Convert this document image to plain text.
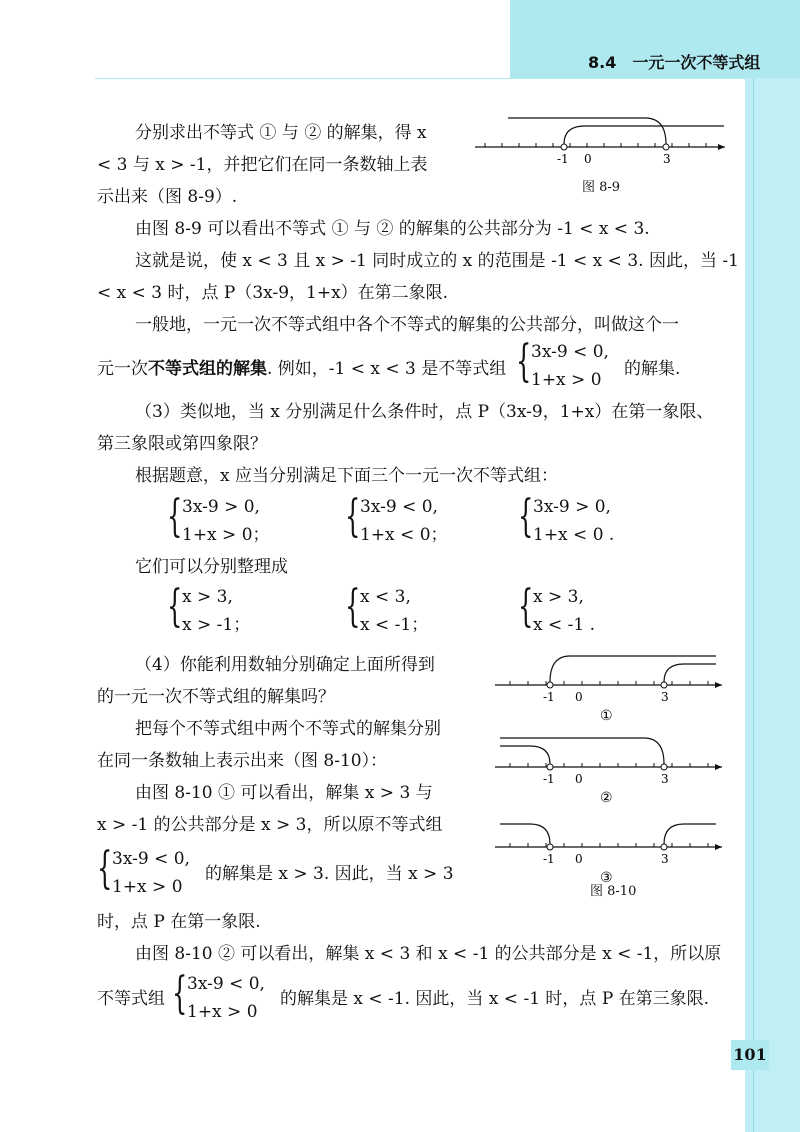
8.4　一元一次不等式组
101
分别求出不等式 ① 与 ② 的解集，得 x
< 3 与 x > -1，并把它们在同一条数轴上表
示出来（图 8-9）.
-1 0	3
图 8-9
由图 8-9 可以看出不等式 ① 与 ② 的解集的公共部分为 -1 < x < 3.
这就是说，使 x < 3 且 x > -1 同时成立的 x 的范围是 -1 < x < 3. 因此，当 -1
< x < 3 时，点 P（3x-9，1+x）在第二象限.
一般地，一元一次不等式组中各个不等式的解集的公共部分，叫做这个一
元一次不等式组的解集. 例如，-1 < x < 3 是不等式组 { 3x-9 < 0,
1+x > 0
的解集.
（3）类似地，当 x 分别满足什么条件时，点 P（3x-9，1+x）在第一象限、
第三象限或第四象限？
根据题意，x 应当分别满足下面三个一元一次不等式组：
{ 3x-9 > 0,
1+x > 0； { 3x-9 < 0,
1+x < 0； { 3x-9 > 0,
1+x < 0 .
它们可以分别整理成
{ x > 3,
x > -1； { x < 3,
x < -1； { x > 3,
x < -1 .
（4）你能利用数轴分别确定上面所得到
的一元一次不等式组的解集吗？
把每个不等式组中两个不等式的解集分别
在同一条数轴上表示出来（图 8-10）：
由图 8-10 ① 可以看出，解集 x > 3 与
x > -1 的公共部分是 x > 3，所以原不等式组
{ 3x-9 < 0,
1+x > 0
的解集是 x > 3. 因此，当 x > 3
时，点 P 在第一象限.
-1 0	3
①
-1 0	3
②
-1 0	3
③
图 8-10
由图 8-10 ② 可以看出，解集 x < 3 和 x < -1 的公共部分是 x < -1，所以原
不等式组 { 3x-9 < 0,
1+x > 0
的解集是 x < -1. 因此，当 x < -1 时，点 P 在第三象限.
